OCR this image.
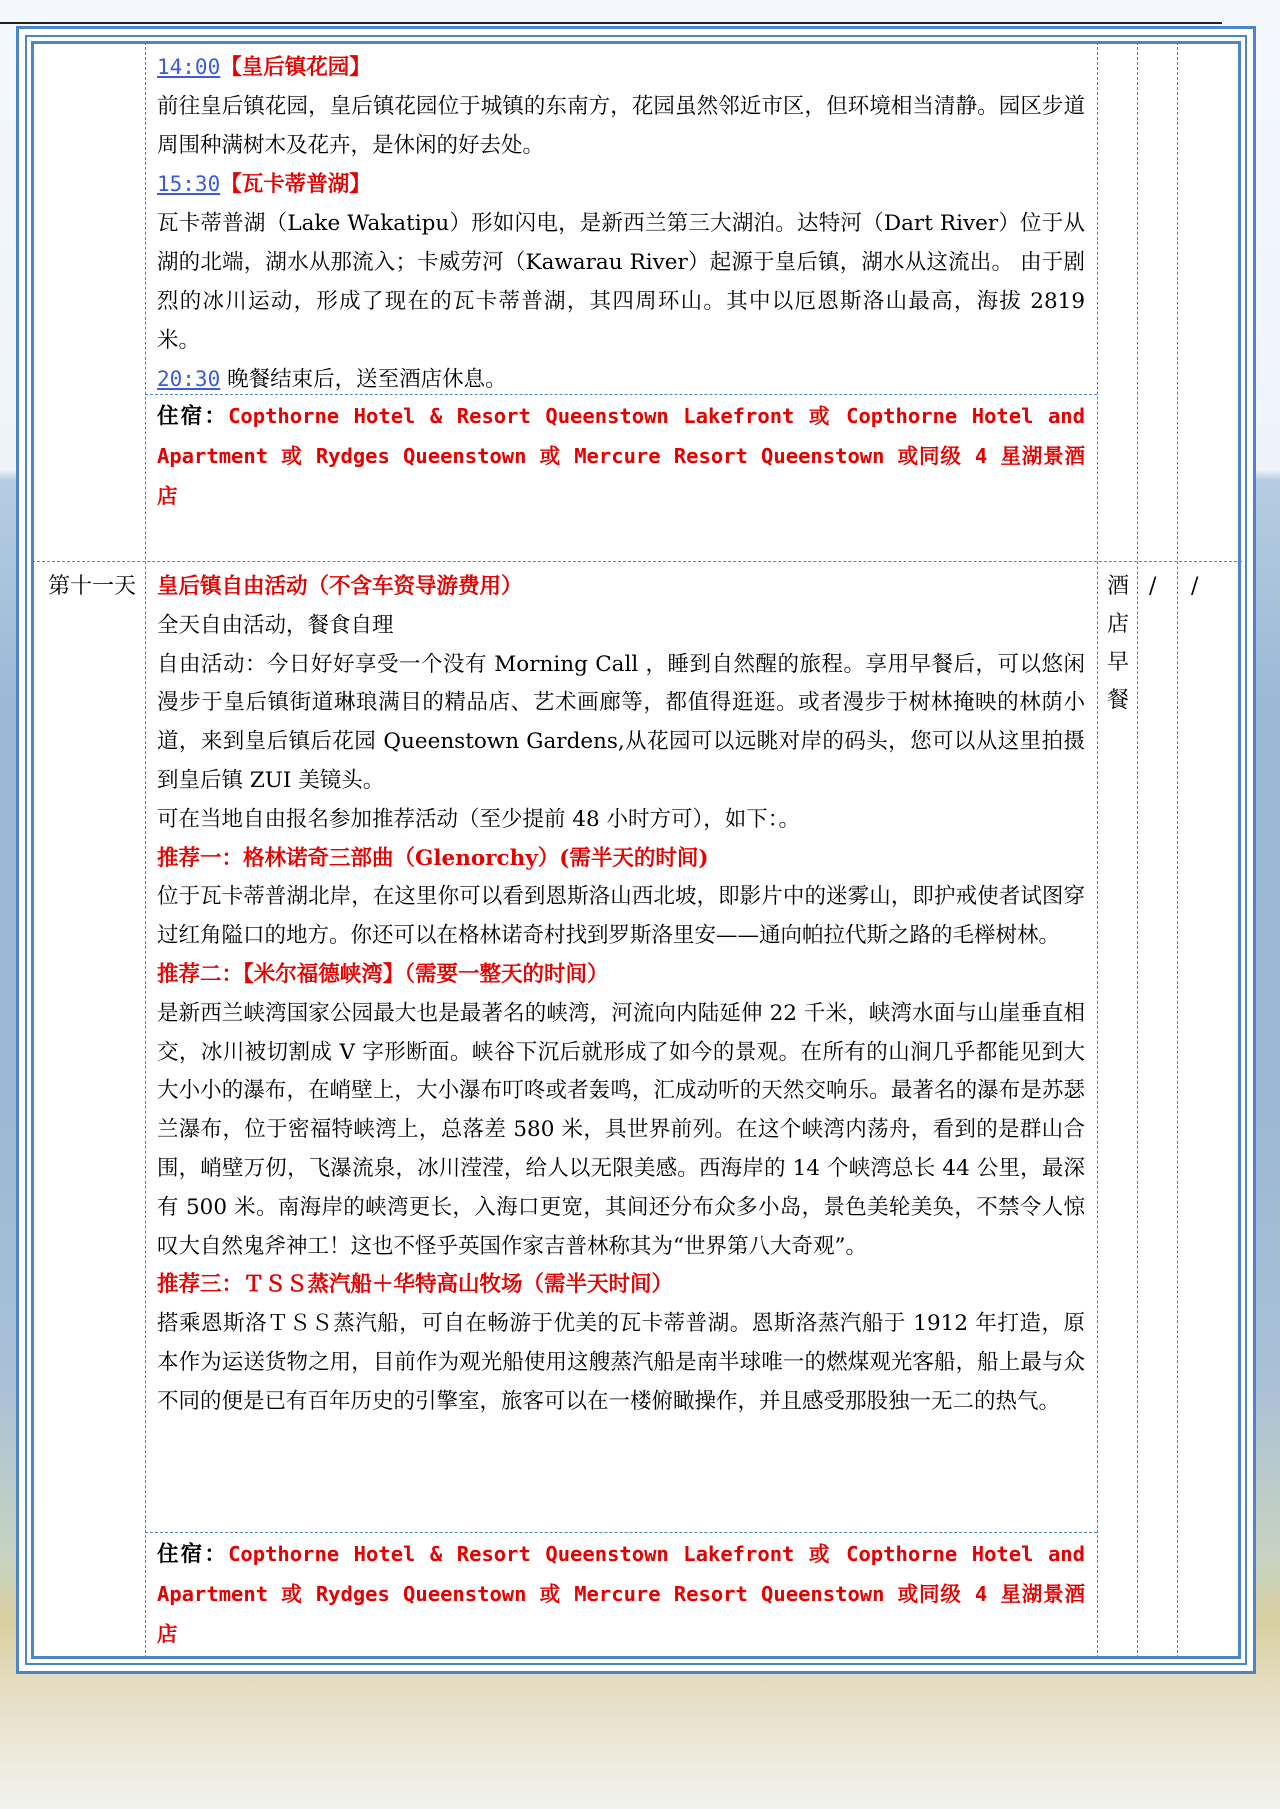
14:00【皇后镇花园】

前往皇后镇花园，皇后镇花园位于城镇的东南方，花园虽然邻近市区，但环境相当清静。园区步道周围种满树木及花卉，是休闲的好去处。

15:30【瓦卡蒂普湖】

瓦卡蒂普湖（Lake Wakatipu）形如闪电，是新西兰第三大湖泊。达特河（Dart River）位于从湖的北端，湖水从那流入；卡威劳河（Kawarau River）起源于皇后镇，湖水从这流出。 由于剧烈的冰川运动，形成了现在的瓦卡蒂普湖，其四周环山。其中以厄恩斯洛山最高，海拔 2819 米。

20:30 晚餐结束后，送至酒店休息。

住宿：Copthorne Hotel & Resort Queenstown Lakefront 或 Copthorne Hotel and Apartment 或 Rydges Queenstown 或 Mercure Resort Queenstown 或同级 4 星湖景酒店

第十一天	酒店早餐
/ /

皇后镇自由活动（不含车资导游费用）

全天自由活动，餐食自理

自由活动：今日好好享受一个没有 Morning Call ，睡到自然醒的旅程。享用早餐后，可以悠闲漫步于皇后镇街道琳琅满目的精品店、艺术画廊等，都值得逛逛。或者漫步于树林掩映的林荫小道，来到皇后镇后花园 Queenstown Gardens,从花园可以远眺对岸的码头，您可以从这里拍摄到皇后镇 ZUI 美镜头。

可在当地自由报名参加推荐活动（至少提前 48 小时方可），如下：。

推荐一：格林诺奇三部曲（Glenorchy）(需半天的时间)

位于瓦卡蒂普湖北岸，在这里你可以看到恩斯洛山西北坡，即影片中的迷雾山，即护戒使者试图穿过红角隘口的地方。你还可以在格林诺奇村找到罗斯洛里安——通向帕拉代斯之路的毛榉树林。

推荐二：【米尔福德峡湾】（需要一整天的时间）

是新西兰峡湾国家公园最大也是最著名的峡湾，河流向内陆延伸 22 千米，峡湾水面与山崖垂直相交，冰川被切割成 V 字形断面。峡谷下沉后就形成了如今的景观。在所有的山涧几乎都能见到大大小小的瀑布，在峭壁上，大小瀑布叮咚或者轰鸣，汇成动听的天然交响乐。最著名的瀑布是苏瑟兰瀑布，位于密福特峡湾上，总落差 580 米，具世界前列。在这个峡湾内荡舟，看到的是群山合围，峭壁万仞，飞瀑流泉，冰川滢滢，给人以无限美感。西海岸的 14 个峡湾总长 44 公里，最深有 500 米。南海岸的峡湾更长，入海口更宽，其间还分布众多小岛，景色美轮美奂，不禁令人惊叹大自然鬼斧神工！这也不怪乎英国作家吉普林称其为“世界第八大奇观”。

推荐三：ＴＳＳ蒸汽船＋华特高山牧场（需半天时间）

搭乘恩斯洛ＴＳＳ蒸汽船，可自在畅游于优美的瓦卡蒂普湖。恩斯洛蒸汽船于 1912 年打造，原本作为运送货物之用，目前作为观光船使用这艘蒸汽船是南半球唯一的燃煤观光客船，船上最与众不同的便是已有百年历史的引擎室，旅客可以在一楼俯瞰操作，并且感受那股独一无二的热气。

住宿：Copthorne Hotel & Resort Queenstown Lakefront 或 Copthorne Hotel and Apartment 或 Rydges Queenstown 或 Mercure Resort Queenstown 或同级 4 星湖景酒店
